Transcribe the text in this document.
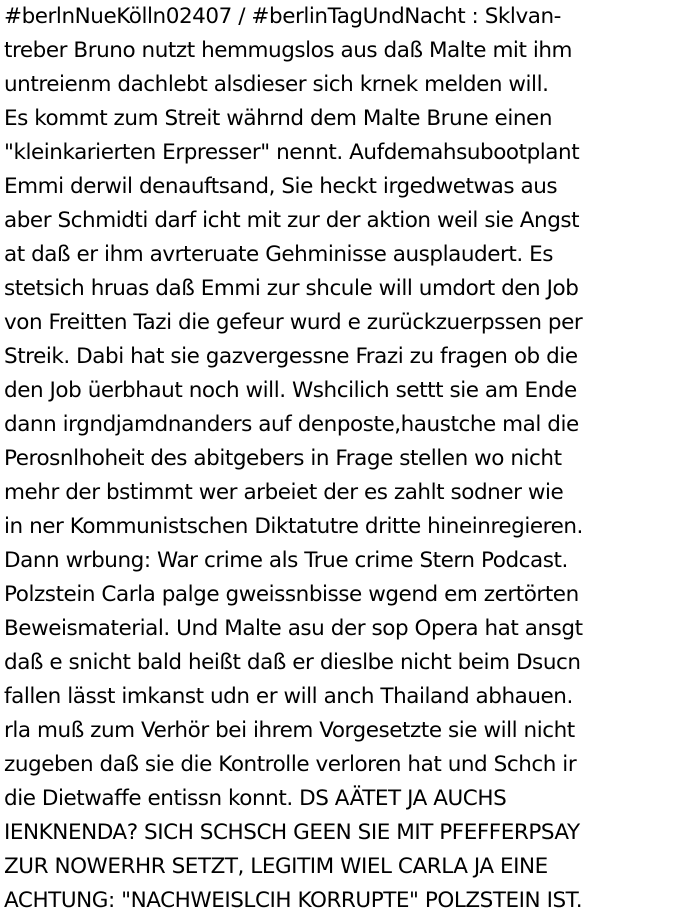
#berlnNueKölln02407 / #berlinTagUndNacht : Sklvan-
treber Bruno nutzt hemmugslos aus daß Malte mit ihm
untreienm dachlebt alsdieser sich krnek melden will.
Es kommt zum Streit währnd dem Malte Brune einen
"kleinkarierten Erpresser" nennt. Aufdemahsubootplant
Emmi derwil denauftsand, Sie heckt irgedwetwas aus
aber Schmidti darf icht mit zur der aktion weil sie Angst
at daß er ihm avrteruate Gehminisse ausplaudert. Es
stetsich hruas daß Emmi zur shcule will umdort den Job
von Freitten Tazi die gefeur wurd e zurückzuerpssen per
Streik. Dabi hat sie gazvergessne Frazi zu fragen ob die
den Job üerbhaut noch will. Wshcilich settt sie am Ende
dann irgndjamdnanders auf denposte,haustche mal die
Perosnlhoheit des abitgebers in Frage stellen wo nicht
mehr der bstimmt wer arbeiet der es zahlt sodner wie
in ner Kommunistschen Diktatutre dritte hineinregieren.
Dann wrbung: War crime als True crime Stern Podcast.
Polzstein Carla palge gweissnbisse wgend em zertörten
Beweismaterial. Und Malte asu der sop Opera hat ansgt
daß e snicht bald heißt daß er dieslbe nicht beim Dsucn
fallen lässt imkanst udn er will anch Thailand abhauen.
rla muß zum Verhör bei ihrem Vorgesetzte sie will nicht
zugeben daß sie die Kontrolle verloren hat und Schch ir
die Dietwaffe entissn konnt. DS AÄTET JA AUCHS
IENKNENDA? SICH SCHSCH GEEN SIE MIT PFEFFERPSAY
ZUR NOWERHR SETZT, LEGITIM WIEL CARLA JA EINE
ACHTUNG: "NACHWEISLCIH KORRUPTE" POLZSTEIN IST.
